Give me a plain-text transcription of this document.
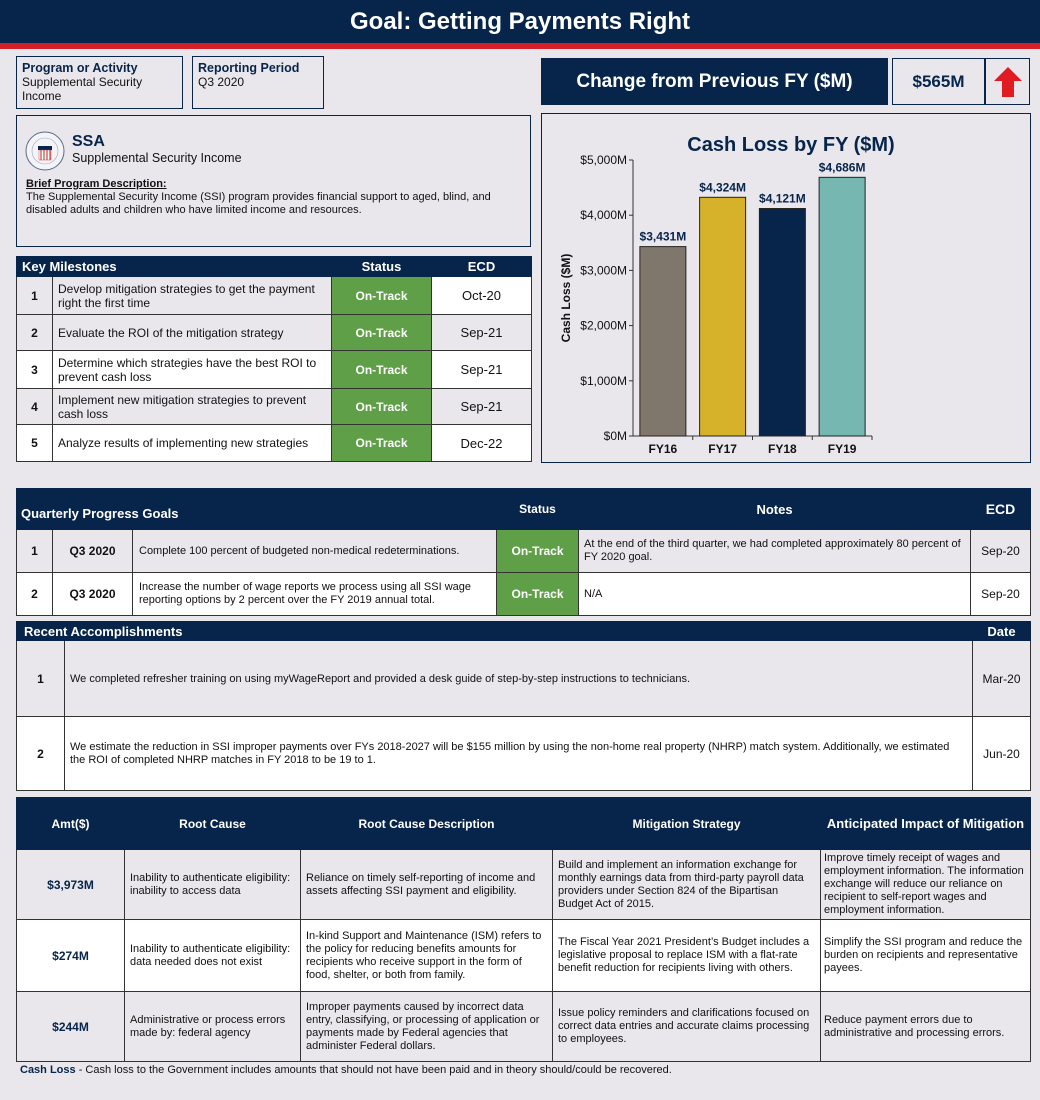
Goal: Getting Payments Right
Program or Activity
Supplemental Security Income
Reporting Period
Q3 2020	Change from Previous FY ($M)	$565M
SSA
Supplemental Security Income
Brief Program Description:
The Supplemental Security Income (SSI) program provides financial support to aged, blind, and disabled adults and children who have limited income and resources.
Key Milestones		Status	ECD
1	Develop mitigation strategies to get the payment right the first time	On-Track	Oct-20
2	Evaluate the ROI of the mitigation strategy	On-Track	Sep-21
3	Determine which strategies have the best ROI to prevent cash loss	On-Track	Sep-21
4	Implement new mitigation strategies to prevent cash loss	On-Track	Sep-21
5	Analyze results of implementing new strategies	On-Track	Dec-22
Cash Loss by FY ($M)
Cash Loss ($M)
$0M
$1,000M
$2,000M
$3,000M
$4,000M
$5,000M
$3,431M
FY16
$4,324M
FY17
$4,121M
FY18
$4,686M
FY19
Quarterly Progress Goals			Status	Notes	ECD
1	Q3 2020	Complete 100 percent of budgeted non-medical redeterminations.	On-Track	At the end of the third quarter, we had completed approximately 80 percent of FY 2020 goal.	Sep-20
2	Q3 2020	Increase the number of wage reports we process using all SSI wage reporting options by 2 percent over the FY 2019 annual total.	On-Track	N/A	Sep-20
Recent Accomplishments		Date
1	We completed refresher training on using myWageReport and provided a desk guide of step-by-step instructions to technicians.	Mar-20
2	We estimate the reduction in SSI improper payments over FYs 2018-2027 will be $155 million by using the non-home real property (NHRP) match system. Additionally, we estimated the ROI of completed NHRP matches in FY 2018 to be 19 to 1.	Jun-20
Amt($)	Root Cause	Root Cause Description	Mitigation Strategy	Anticipated Impact of Mitigation
$3,973M	Inability to authenticate eligibility: inability to access data	Reliance on timely self-reporting of income and assets affecting SSI payment and eligibility.	Build and implement an information exchange for monthly earnings data from third-party payroll data providers under Section 824 of the Bipartisan Budget Act of 2015.	Improve timely receipt of wages and employment information. The information exchange will reduce our reliance on recipient to self-report wages and employment information.
$274M	Inability to authenticate eligibility: data needed does not exist	In-kind Support and Maintenance (ISM) refers to the policy for reducing benefits amounts for recipients who receive support in the form of food, shelter, or both from family.	The Fiscal Year 2021 President’s Budget includes a legislative proposal to replace ISM with a flat-rate benefit reduction for recipients living with others.	Simplify the SSI program and reduce the burden on recipients and representative payees.
$244M	Administrative or process errors made by: federal agency	Improper payments caused by incorrect data entry, classifying, or processing of application or payments made by Federal agencies that administer Federal dollars.	Issue policy reminders and clarifications focused on correct data entries and accurate claims processing to employees.	Reduce payment errors due to administrative and processing errors.
Cash Loss - Cash loss to the Government includes amounts that should not have been paid and in theory should/could be recovered.
